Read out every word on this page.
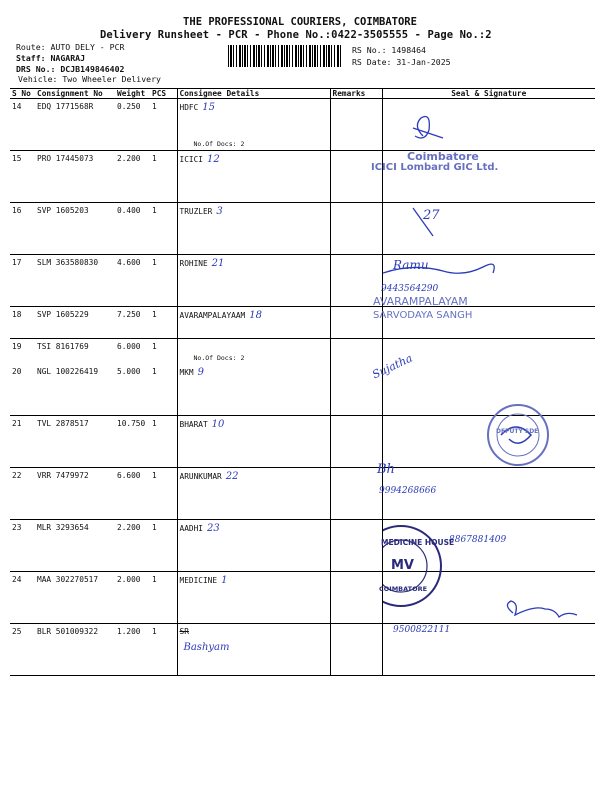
THE PROFESSIONAL COURIERS, COIMBATORE
Delivery Runsheet - PCR - Phone No.:0422-3505555 - Page No.:2
Route: AUTO DELY - PCR
Staff: NAGARAJ
DRS No.: DCJB149846402
Vehicle: Two Wheeler Delivery
RS No.: 1498464
RS Date: 31-Jan-2025
S No	Consignment No	Weight	PCS	Consignee Details	Remarks	Seal & Signature
14	EDQ 1771568R	0.250	1	HDFC 15
No.Of Docs: 2		

15	PRO 17445073	2.200	1	ICICI 12		
16	SVP 1605203	0.400	1	TRUZLER 3		
17	SLM 363580830	4.600	1	ROHINE 21		
18	SVP 1605229	7.250	1	AVARAMPALAYAAM 18		
19	TSI 8161769	6.000	1	No.Of Docs: 2		

20	NGL 100226419	5.000	1	MKM 9		
21	TVL 2878517	10.750	1	BHARAT 10		
22	VRR 7479972	6.600	1	ARUNKUMAR 22		
23	MLR 3293654	2.200	1	AADHI 23		
24	MAA 302270517	2.000	1	MEDICINE 1		
25	BLR 501009322	1.200	1	SR
Bashyam		

Coimbatore
ICICI Lombard GIC Ltd.
27
Ramu
9443564290
AVARAMPALAYAM
SARVODAYA SANGH
Sujatha
DEPUTY SDE
Bh
9994268666
8867881409
MEDICINE HOUSE
MV
COIMBATORE
9500822111
